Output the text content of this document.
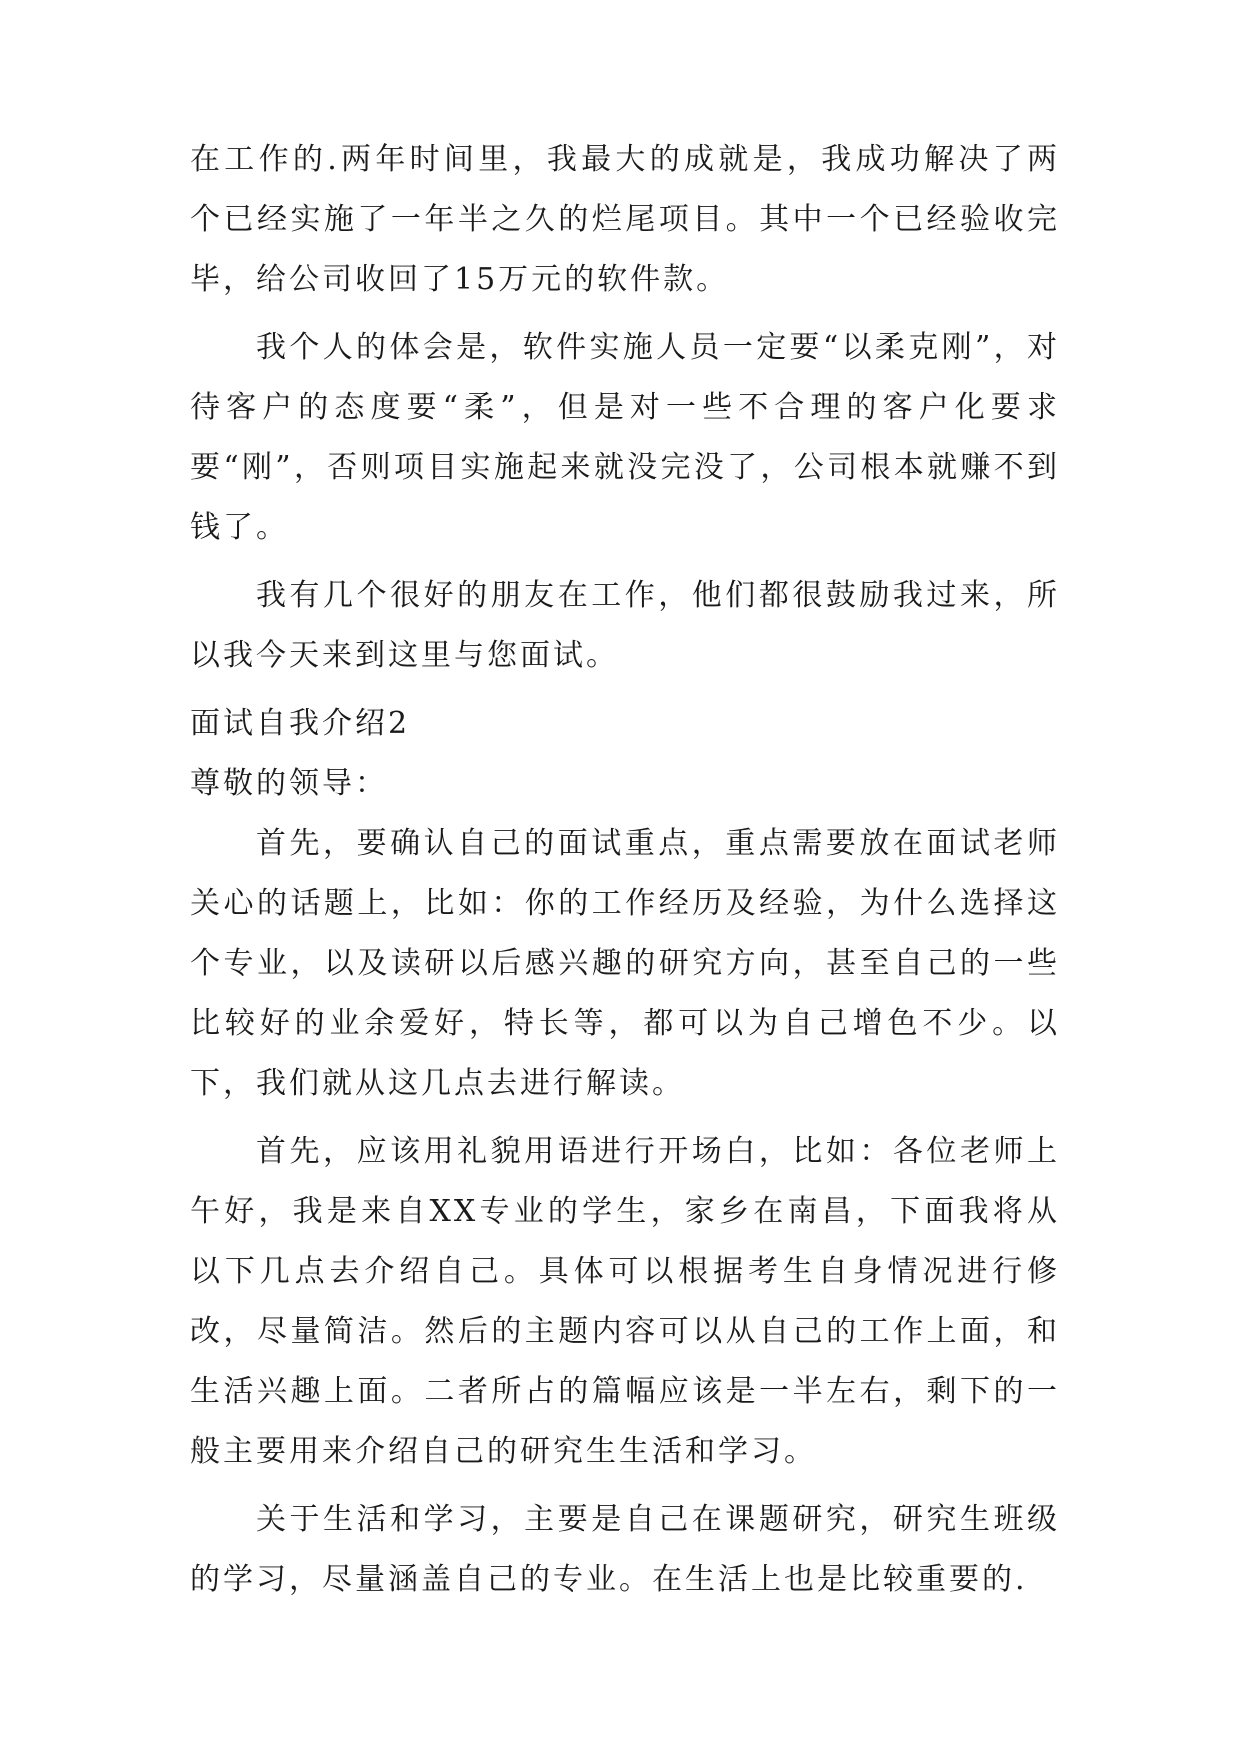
在工作的.两年时间里，我最大的成就是，我成功解决了两个已经实施了一年半之久的烂尾项目。其中一个已经验收完毕，给公司收回了15万元的软件款。

我个人的体会是，软件实施人员一定要“以柔克刚”，对待客户的态度要“柔”，但是对一些不合理的客户化要求要“刚”，否则项目实施起来就没完没了，公司根本就赚不到钱了。

我有几个很好的朋友在工作，他们都很鼓励我过来，所以我今天来到这里与您面试。

面试自我介绍2

尊敬的领导：

首先，要确认自己的面试重点，重点需要放在面试老师关心的话题上，比如：你的工作经历及经验，为什么选择这个专业，以及读研以后感兴趣的研究方向，甚至自己的一些比较好的业余爱好，特长等，都可以为自己增色不少。以下，我们就从这几点去进行解读。

首先，应该用礼貌用语进行开场白，比如：各位老师上午好，我是来自XX专业的学生，家乡在南昌，下面我将从以下几点去介绍自己。具体可以根据考生自身情况进行修改，尽量简洁。然后的主题内容可以从自己的工作上面，和生活兴趣上面。二者所占的篇幅应该是一半左右，剩下的一般主要用来介绍自己的研究生生活和学习。

关于生活和学习，主要是自己在课题研究，研究生班级的学习，尽量涵盖自己的专业。在生活上也是比较重要的.
